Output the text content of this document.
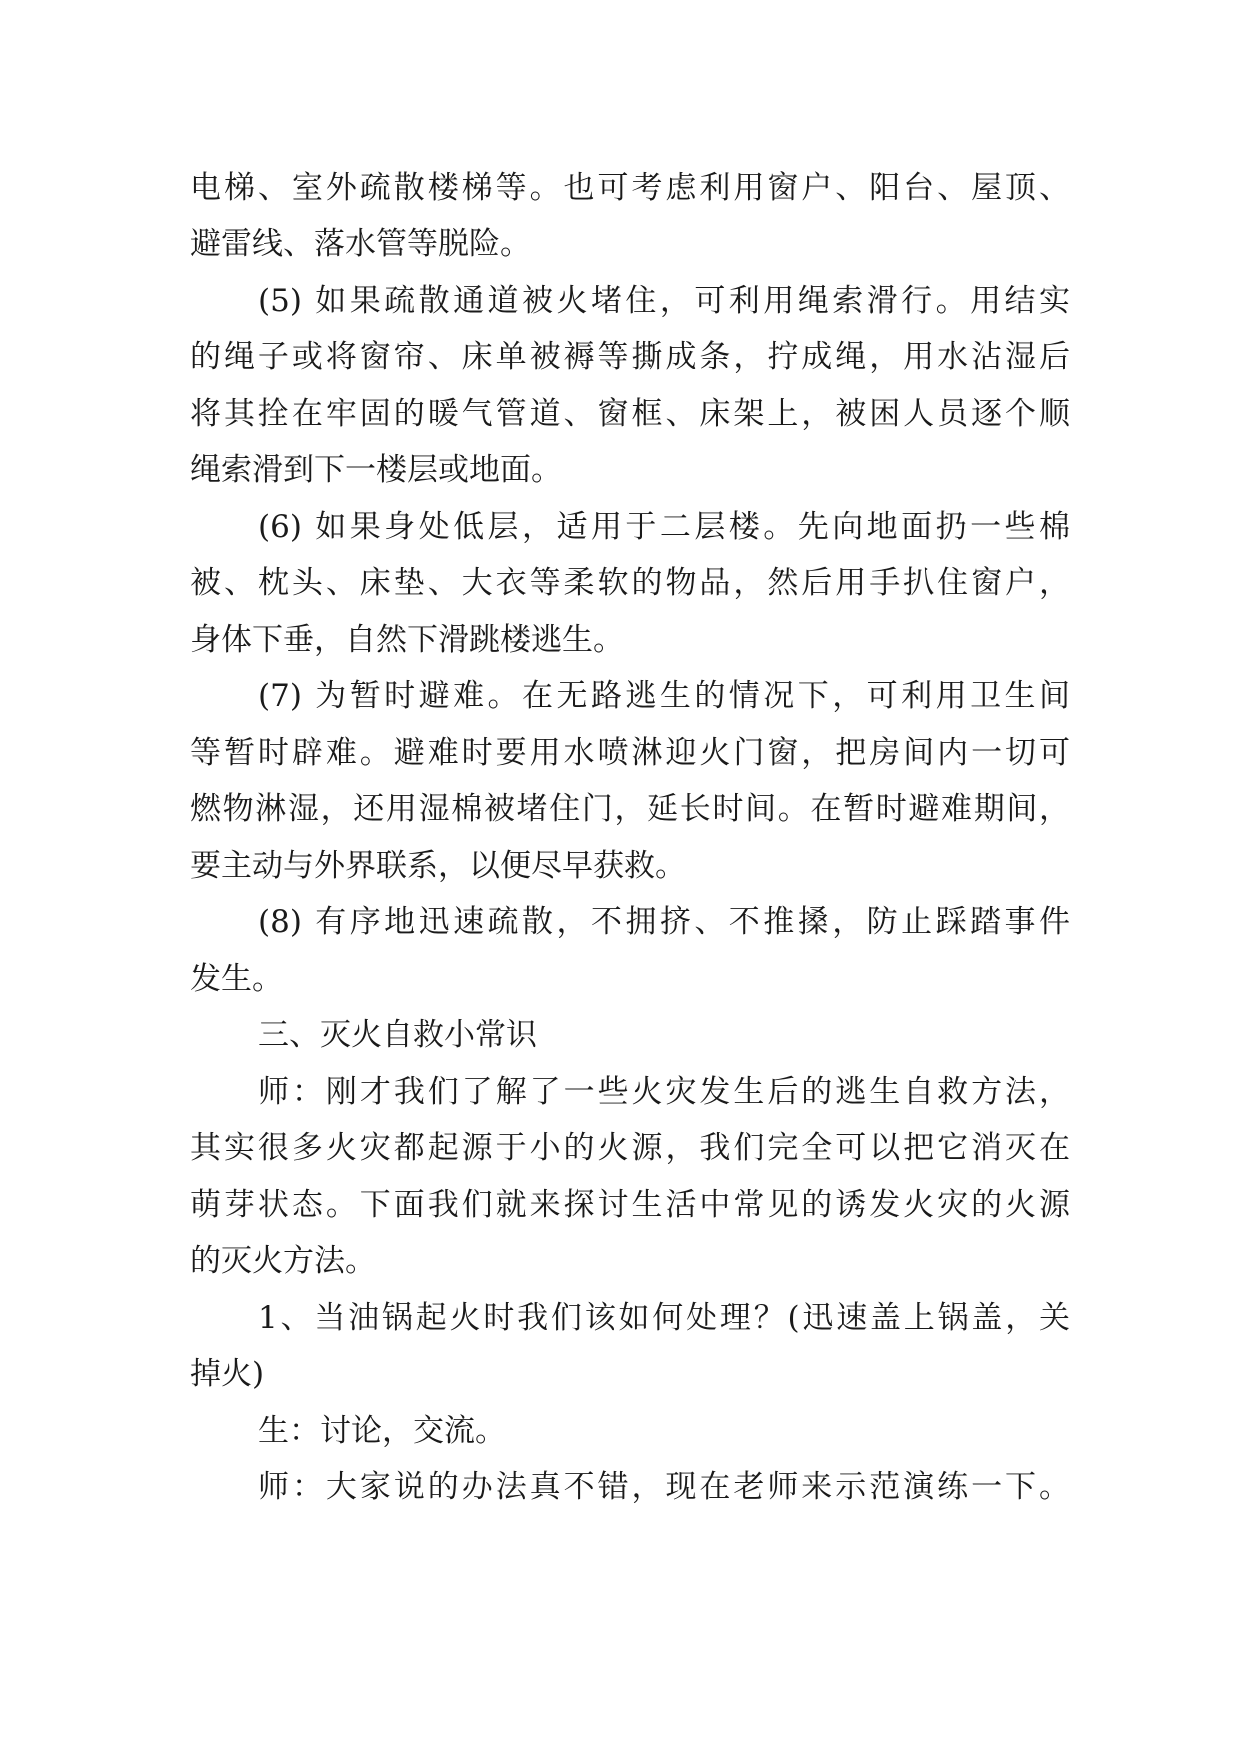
电梯、室外疏散楼梯等。也可考虑利用窗户、阳台、屋顶、
避雷线、落水管等脱险。
(5) 如果疏散通道被火堵住，可利用绳索滑行。用结实
的绳子或将窗帘、床单被褥等撕成条，拧成绳，用水沾湿后
将其拴在牢固的暖气管道、窗框、床架上，被困人员逐个顺
绳索滑到下一楼层或地面。
(6) 如果身处低层，适用于二层楼。先向地面扔一些棉
被、枕头、床垫、大衣等柔软的物品，然后用手扒住窗户，
身体下垂，自然下滑跳楼逃生。
(7) 为暂时避难。在无路逃生的情况下，可利用卫生间
等暂时辟难。避难时要用水喷淋迎火门窗，把房间内一切可
燃物淋湿，还用湿棉被堵住门，延长时间。在暂时避难期间，
要主动与外界联系，以便尽早获救。
(8) 有序地迅速疏散，不拥挤、不推搡，防止踩踏事件
发生。
三、灭火自救小常识
师：刚才我们了解了一些火灾发生后的逃生自救方法，
其实很多火灾都起源于小的火源，我们完全可以把它消灭在
萌芽状态。下面我们就来探讨生活中常见的诱发火灾的火源
的灭火方法。
1、当油锅起火时我们该如何处理？(迅速盖上锅盖，关
掉火)
生：讨论，交流。
师：大家说的办法真不错，现在老师来示范演练一下。
